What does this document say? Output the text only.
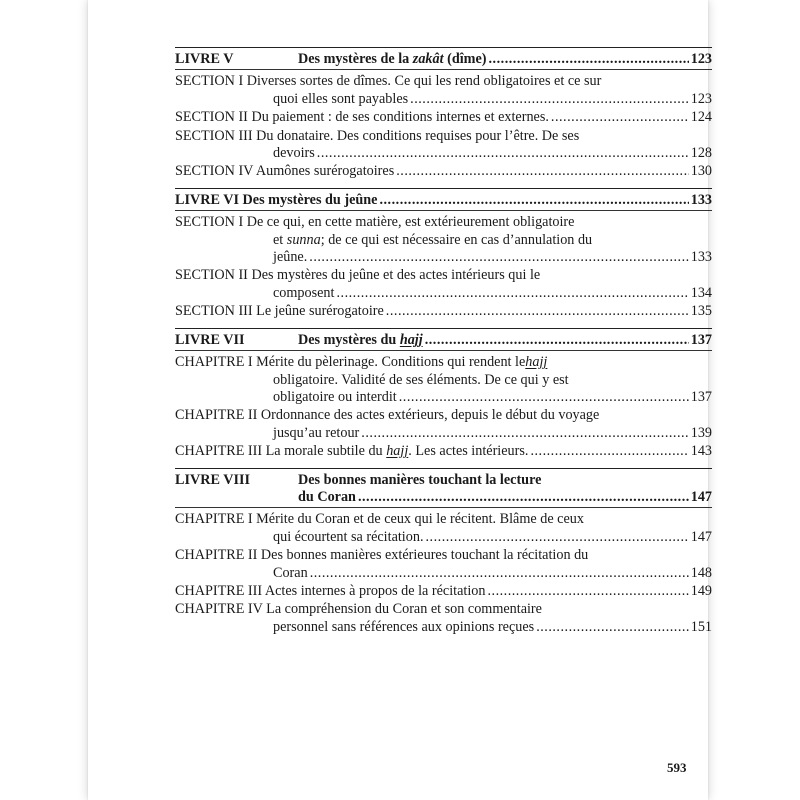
LIVRE V	Des mystères de la zakât (dîme) .....	123
SECTION I Diverses sortes de dîmes. Ce qui les rend obligatoires et ce sur
quoi elles sont payables .....	123
SECTION II Du paiement : de ses conditions internes et externes. .....	124
SECTION III Du donataire. Des conditions requises pour l’être. De ses
devoirs .....	128
SECTION IV Aumônes surérogatoires .....	130
LIVRE VI
Des mystères du jeûne .....	133
SECTION I De ce qui, en cette matière, est extérieurement obligatoire
et sunna ; de ce qui est nécessaire en cas d’annulation du
jeûne. .....	133
SECTION II Des mystères du jeûne et des actes intérieurs qui le
composent .....	134
SECTION III Le jeûne surérogatoire .....	135
LIVRE VII	Des mystères du hajj .....	137
CHAPITRE I Mérite du pèlerinage. Conditions qui rendent le hajj
obligatoire. Validité de ses éléments. De ce qui y est
obligatoire ou interdit .....	137
CHAPITRE II Ordonnance des actes extérieurs, depuis le début du voyage
jusqu’au retour .....	139
CHAPITRE III La morale subtile du hajj. Les actes intérieurs. .....	143
LIVRE VIII	Des bonnes manières touchant la lecture
du Coran .....	147
CHAPITRE I Mérite du Coran et de ceux qui le récitent. Blâme de ceux
qui écourtent sa récitation. .....	147
CHAPITRE II Des bonnes manières extérieures touchant la récitation du
Coran .....	148
CHAPITRE III Actes internes à propos de la récitation .....	149
CHAPITRE IV La compréhension du Coran et son commentaire
personnel sans références aux opinions reçues .....	151
593
